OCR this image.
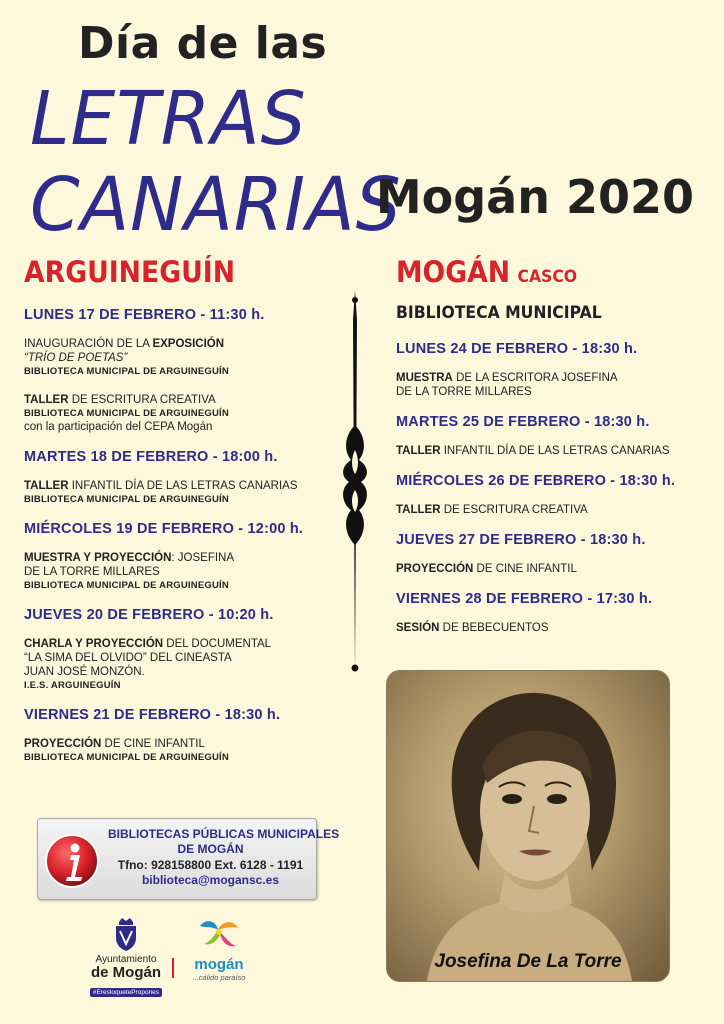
Día de las
LETRAS CANARIAS
Mogán 2020
ARGUINEGUÍN
LUNES 17 DE FEBRERO - 11:30 h.
INAUGURACIÓN DE LA EXPOSICIÓN
“TRÍO DE POETAS”
BIBLIOTECA MUNICIPAL DE ARGUINEGUÍN
TALLER DE ESCRITURA CREATIVA
BIBLIOTECA MUNICIPAL DE ARGUINEGUÍN
con la participación del CEPA Mogán
MARTES 18 DE FEBRERO - 18:00 h.
TALLER INFANTIL DÍA DE LAS LETRAS CANARIAS
BIBLIOTECA MUNICIPAL DE ARGUINEGUÍN
MIÉRCOLES 19 DE FEBRERO - 12:00 h.
MUESTRA Y PROYECCIÓN: JOSEFINA
DE LA TORRE MILLARES
BIBLIOTECA MUNICIPAL DE ARGUINEGUÍN
JUEVES 20 DE FEBRERO - 10:20 h.
CHARLA Y PROYECCIÓN DEL DOCUMENTAL
“LA SIMA DEL OLVIDO” DEL CINEASTA
JUAN JOSÉ MONZÓN.
I.E.S. ARGUINEGUÍN
VIERNES 21 DE FEBRERO - 18:30 h.
PROYECCIÓN DE CINE INFANTIL
BIBLIOTECA MUNICIPAL DE ARGUINEGUÍN
MOGÁN CASCO
BIBLIOTECA MUNICIPAL
LUNES 24 DE FEBRERO - 18:30 h.
MUESTRA DE LA ESCRITORA JOSEFINA
DE LA TORRE MILLARES
MARTES 25 DE FEBRERO - 18:30 h.
TALLER INFANTIL DÍA DE LAS LETRAS CANARIAS
MIÉRCOLES 26 DE FEBRERO - 18:30 h.
TALLER DE ESCRITURA CREATIVA
JUEVES 27 DE FEBRERO - 18:30 h.
PROYECCIÓN DE CINE INFANTIL
VIERNES 28 DE FEBRERO - 17:30 h.
SESIÓN DE BEBECUENTOS
Josefina De La Torre
BIBLIOTECAS PÚBLICAS MUNICIPALES
DE MOGÁN
Tfno: 928158800 Ext. 6128 - 1191
biblioteca@mogansc.es
Ayuntamiento
de Mogán
#EresloquetePropones
mogán
...cálido paraíso
